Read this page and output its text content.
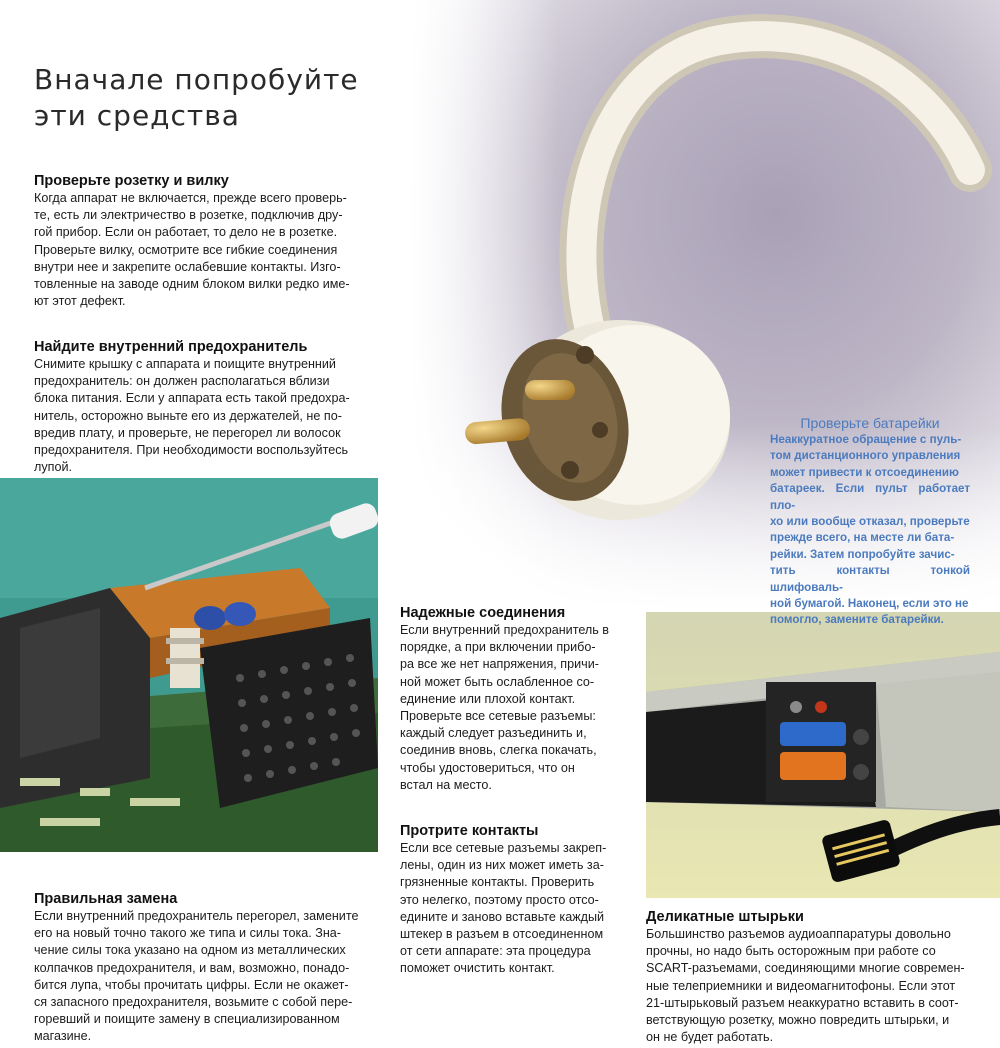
Вначале попробуйте
эти средства
Проверьте розетку и вилку

Когда аппарат не включается, прежде всего проверь-

те, есть ли электричество в розетке, подключив дру-

гой прибор. Если он работает, то дело не в розетке.

Проверьте вилку, осмотрите все гибкие соединения

внутри нее и закрепите ослабевшие контакты. Изго-

товленные на заводе одним блоком вилки редко име-

ют этот дефект.

Найдите внутренний предохранитель

Снимите крышку с аппарата и поищите внутренний

предохранитель: он должен располагаться вблизи

блока питания. Если у аппарата есть такой предохра-

нитель, осторожно выньте его из держателей, не по-

вредив плату, и проверьте, не перегорел ли волосок

предохранителя. При необходимости воспользуйтесь

лупой.

Проверьте батарейки

Неаккуратное обращение с пуль-

том дистанционного управления

может привести к отсоединению

батареек. Если пульт работает пло-

хо или вообще отказал, проверьте

прежде всего, на месте ли бата-

рейки. Затем попробуйте зачис-

тить контакты тонкой шлифоваль-

ной бумагой. Наконец, если это не

помогло, замените батарейки.

Надежные соединения

Если внутренний предохранитель в

порядке, а при включении прибо-

ра все же нет напряжения, причи-

ной может быть ослабленное со-

единение или плохой контакт.

Проверьте все сетевые разъемы:

каждый следует разъединить и,

соединив вновь, слегка покачать,

чтобы удостовериться, что он

встал на место.

Протрите контакты

Если все сетевые разъемы закреп-

лены, один из них может иметь за-

грязненные контакты. Проверить

это нелегко, поэтому просто отсо-

едините и заново вставьте каждый

штекер в разъем в отсоединенном

от сети аппарате: эта процедура

поможет очистить контакт.

Правильная замена

Если внутренний предохранитель перегорел, замените

его на новый точно такого же типа и силы тока. Зна-

чение силы тока указано на одном из металлических

колпачков предохранителя, и вам, возможно, понадо-

бится лупа, чтобы прочитать цифры. Если не окажет-

ся запасного предохранителя, возьмите с собой пере-

горевший и поищите замену в специализированном

магазине.

Деликатные штырьки

Большинство разъемов аудиоаппаратуры довольно

прочны, но надо быть осторожным при работе со

SCART-разъемами, соединяющими многие современ-

ные телеприемники и видеомагнитофоны. Если этот

21-штырьковый разъем неаккуратно вставить в соот-

ветствующую розетку, можно повредить штырьки, и

он не будет работать.
